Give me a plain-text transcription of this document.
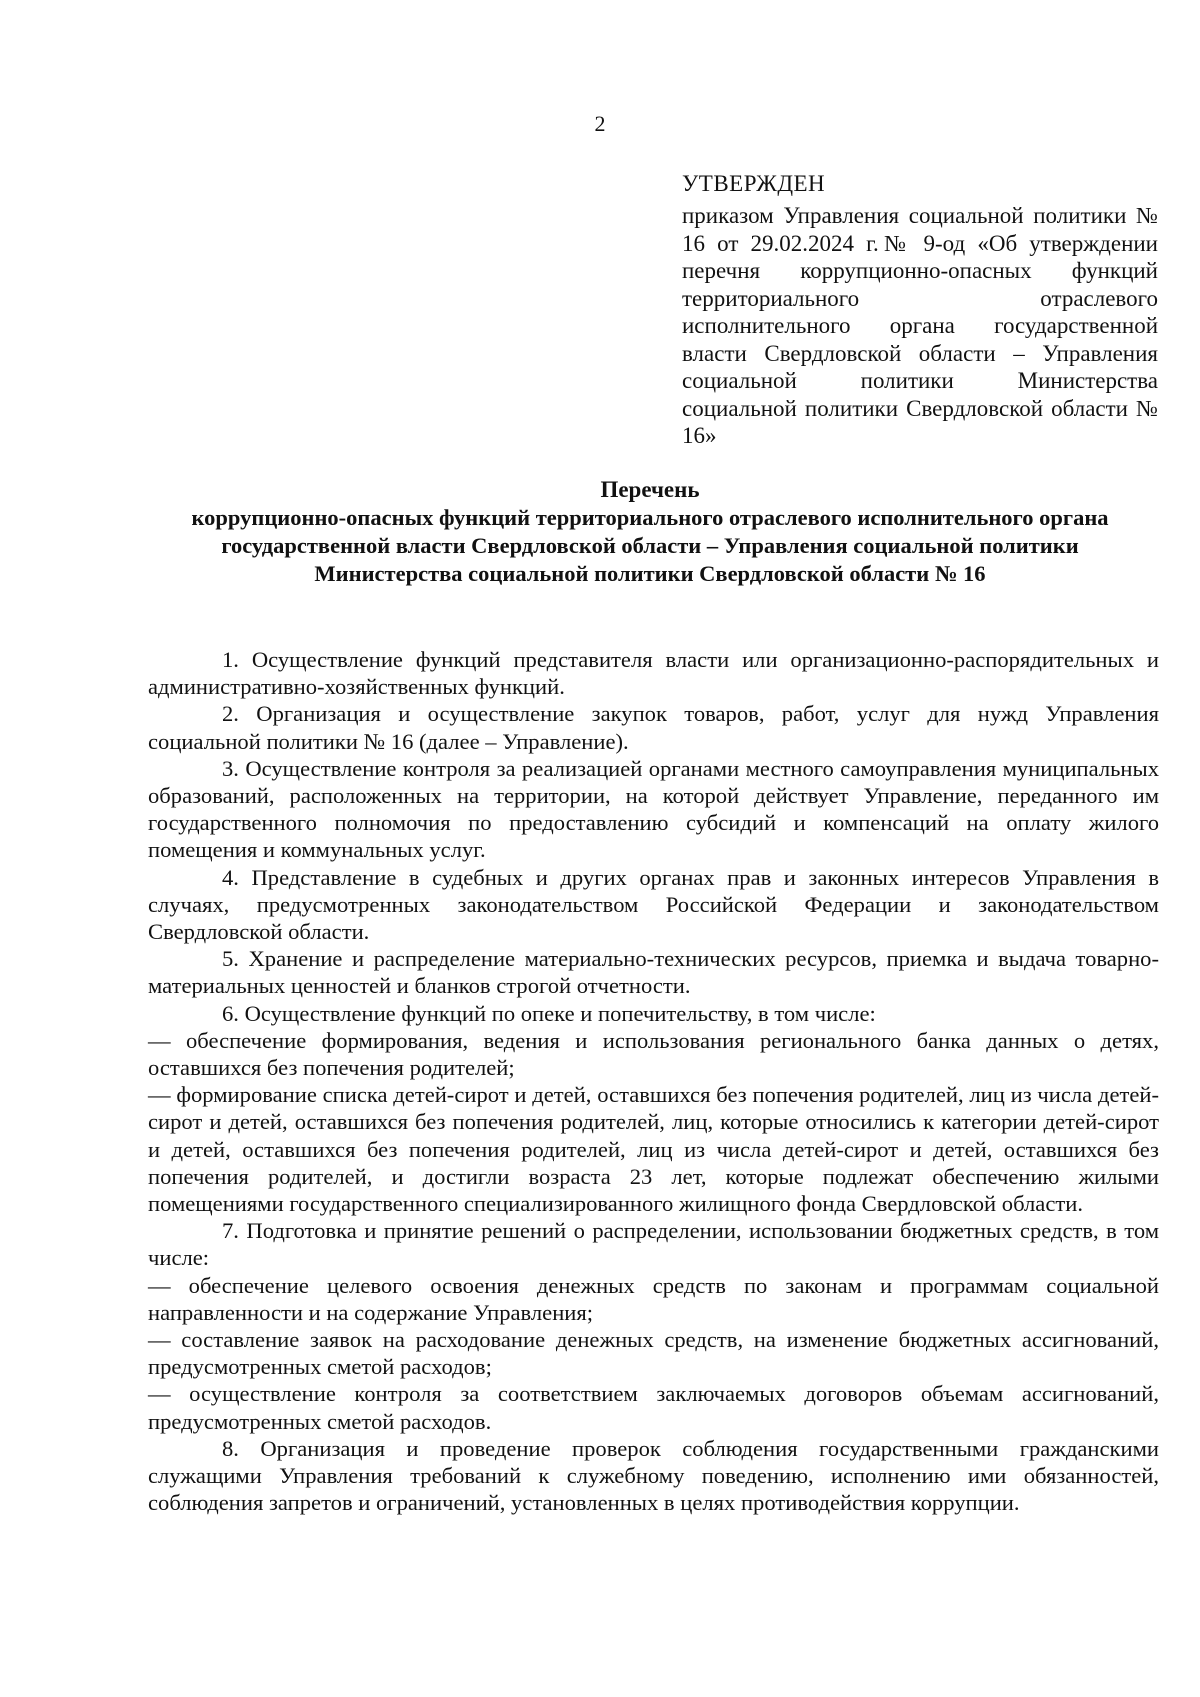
2
УТВЕРЖДЕН

приказом Управления социальной политики № 16 от 29.02.2024 г.№ 9-од «Об утверждении перечня коррупционно-опасных функций территориального отраслевого исполнительного органа государственной власти Свердловской области – Управления социальной политики Министерства социальной политики Свердловской области № 16»

Перечень
коррупционно-опасных функций территориального отраслевого исполнительного органа
государственной власти Свердловской области – Управления социальной политики
Министерства социальной политики Свердловской области № 16

1. Осуществление функций представителя власти или организационно-распорядительных и административно-хозяйственных функций.

2. Организация и осуществление закупок товаров, работ, услуг для нужд Управления социальной политики № 16 (далее – Управление).

3. Осуществление контроля за реализацией органами местного самоуправления муниципальных образований, расположенных на территории, на которой действует Управление, переданного им государственного полномочия по предоставлению субсидий и компенсаций на оплату жилого помещения и коммунальных услуг.

4. Представление в судебных и других органах прав и законных интересов Управления в случаях, предусмотренных законодательством Российской Федерации и законодательством Свердловской области.

5. Хранение и распределение материально-технических ресурсов, приемка и выдача товарно-материальных ценностей и бланков строгой отчетности.

6. Осуществление функций по опеке и попечительству, в том числе:

— обеспечение формирования, ведения и использования регионального банка данных о детях, оставшихся без попечения родителей;

— формирование списка детей-сирот и детей, оставшихся без попечения родителей, лиц из числа детей-сирот и детей, оставшихся без попечения родителей, лиц, которые относились к категории детей-сирот и детей, оставшихся без попечения родителей, лиц из числа детей-сирот и детей, оставшихся без попечения родителей, и достигли возраста 23 лет, которые подлежат обеспечению жилыми помещениями государственного специализированного жилищного фонда Свердловской области.

7. Подготовка и принятие решений о распределении, использовании бюджетных средств, в том числе:

— обеспечение целевого освоения денежных средств по законам и программам социальной направленности и на содержание Управления;

— составление заявок на расходование денежных средств, на изменение бюджетных ассигнований, предусмотренных сметой расходов;

— осуществление контроля за соответствием заключаемых договоров объемам ассигнований, предусмотренных сметой расходов.

8. Организация и проведение проверок соблюдения государственными гражданскими служащими Управления требований к служебному поведению, исполнению ими обязанностей, соблюдения запретов и ограничений, установленных в целях противодействия коррупции.
